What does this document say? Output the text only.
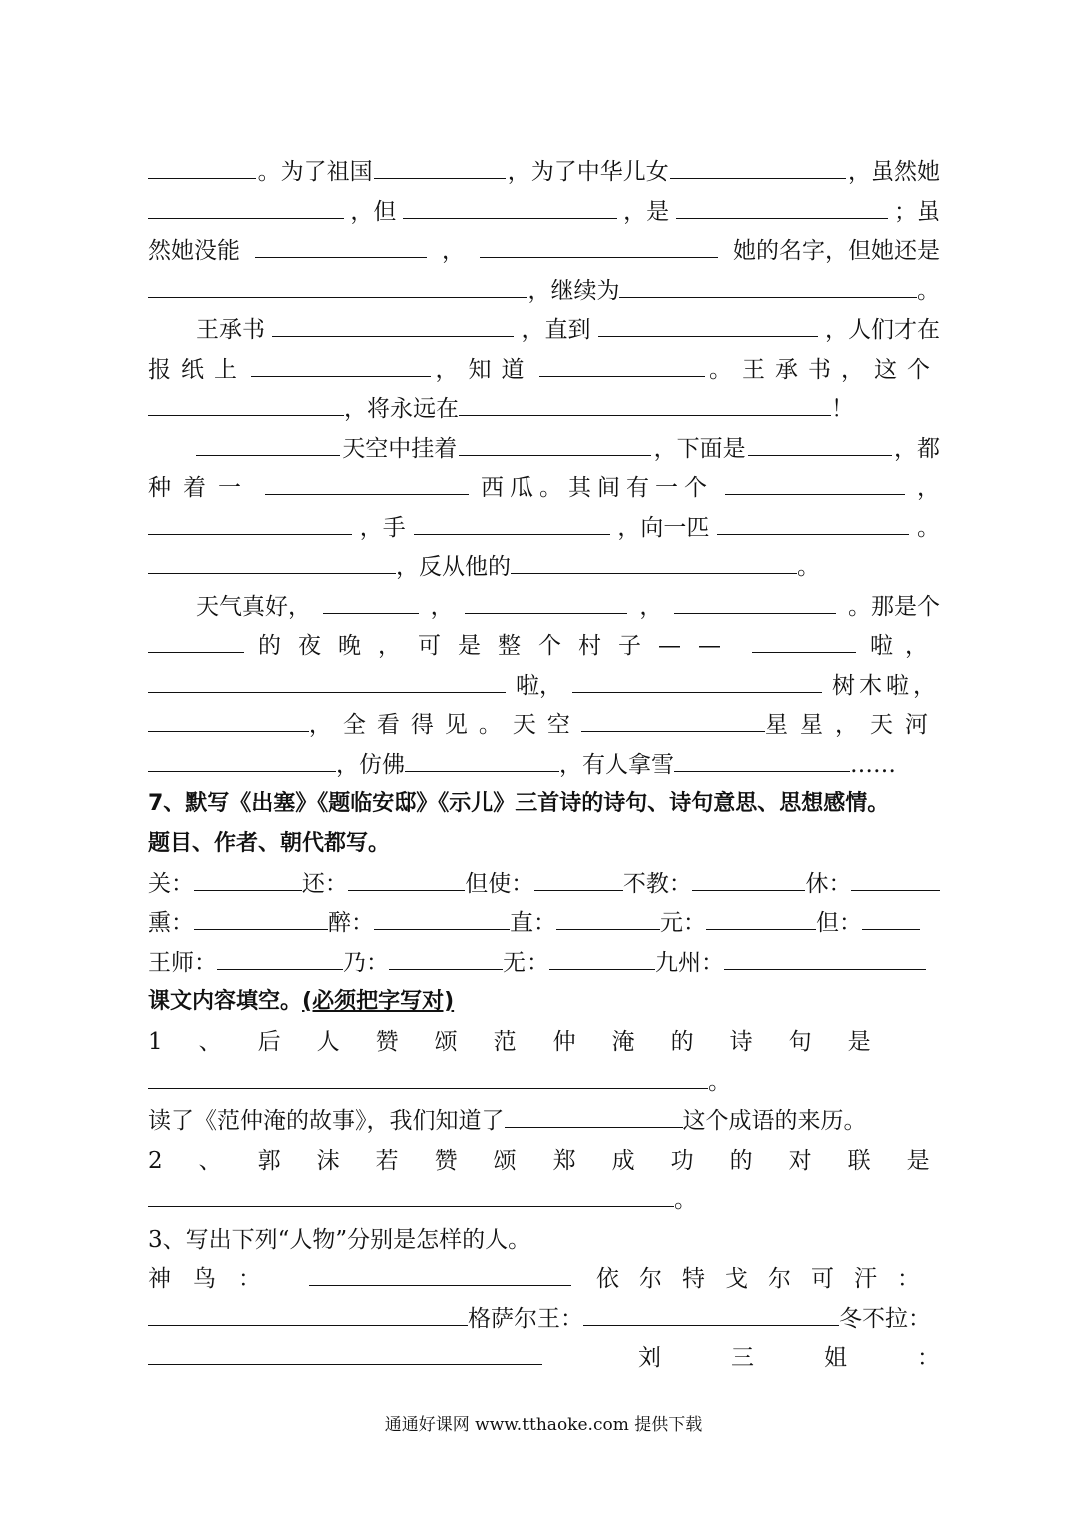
。为了祖国	，为了中华儿女	，虽然她
，但	，是	；虽
然她没能	，	她的名字，但她还是
，继续为	。
王承书	，直到	，人们才在
报纸上	，知道	。王承书，这个
，将永远在	！
天空中挂着	，下面是	，都
种着一	西瓜。其间有一个	，
，手	，向一匹	。
，反从他的	。
天气真好，	，	，	。那是个
的夜晚，可是整个村子——	啦，
啦，	树木啦，
，全看得见。天空	星星，天河
，仿佛	，有人拿雪	……
7、默写《出塞》《题临安邸》《示儿》三首诗的诗句、诗句意思、思想感情。
题目、作者、朝代都写。
关：	还：	但使：	不教：	休：
熏：	醉：	直：	元：	但：
王师：	乃：	无：	九州：
课文内容填空。(必须把字写对)
1、后人赞颂范仲淹的诗句是
。
读了《范仲淹的故事》，我们知道了	这个成语的来历。
2、郭沫若赞颂郑成功的对联是
。
3、写出下列“人物”分别是怎样的人。
神鸟：	依尔特戈尔可汗：
格萨尔王：	冬不拉：
刘三姐：
通通好课网 www.tthaoke.com 提供下载
